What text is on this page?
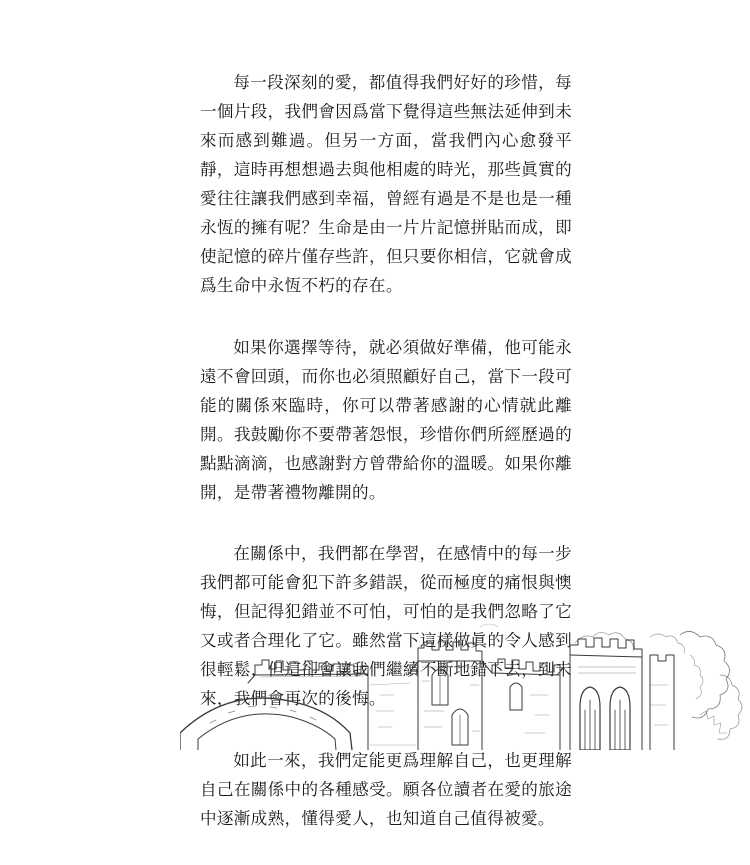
每一段深刻的愛，都值得我們好好的珍惜，每一個片段，我們會因爲當下覺得這些無法延伸到未來而感到難過。但另一方面，當我們內心愈發平靜，這時再想想過去與他相處的時光，那些眞實的愛往往讓我們感到幸福，曾經有過是不是也是一種永恆的擁有呢？生命是由一片片記憶拼貼而成，即使記憶的碎片僅存些許，但只要你相信，它就會成爲生命中永恆不朽的存在。

如果你選擇等待，就必須做好準備，他可能永遠不會回頭，而你也必須照顧好自己，當下一段可能的關係來臨時，你可以帶著感謝的心情就此離開。我鼓勵你不要帶著怨恨，珍惜你們所經歷過的點點滴滴，也感謝對方曾帶給你的溫暖。如果你離開，是帶著禮物離開的。

在關係中，我們都在學習，在感情中的每一步我們都可能會犯下許多錯誤，從而極度的痛恨與懊悔，但記得犯錯並不可怕，可怕的是我們忽略了它又或者合理化了它。雖然當下這樣做眞的令人感到很輕鬆，但這卻會讓我們繼續不斷地錯下去，到未來，我們會再次的後悔。

如此一來，我們定能更爲理解自己，也更理解自己在關係中的各種感受。願各位讀者在愛的旅途中逐漸成熟，懂得愛人，也知道自己值得被愛。
